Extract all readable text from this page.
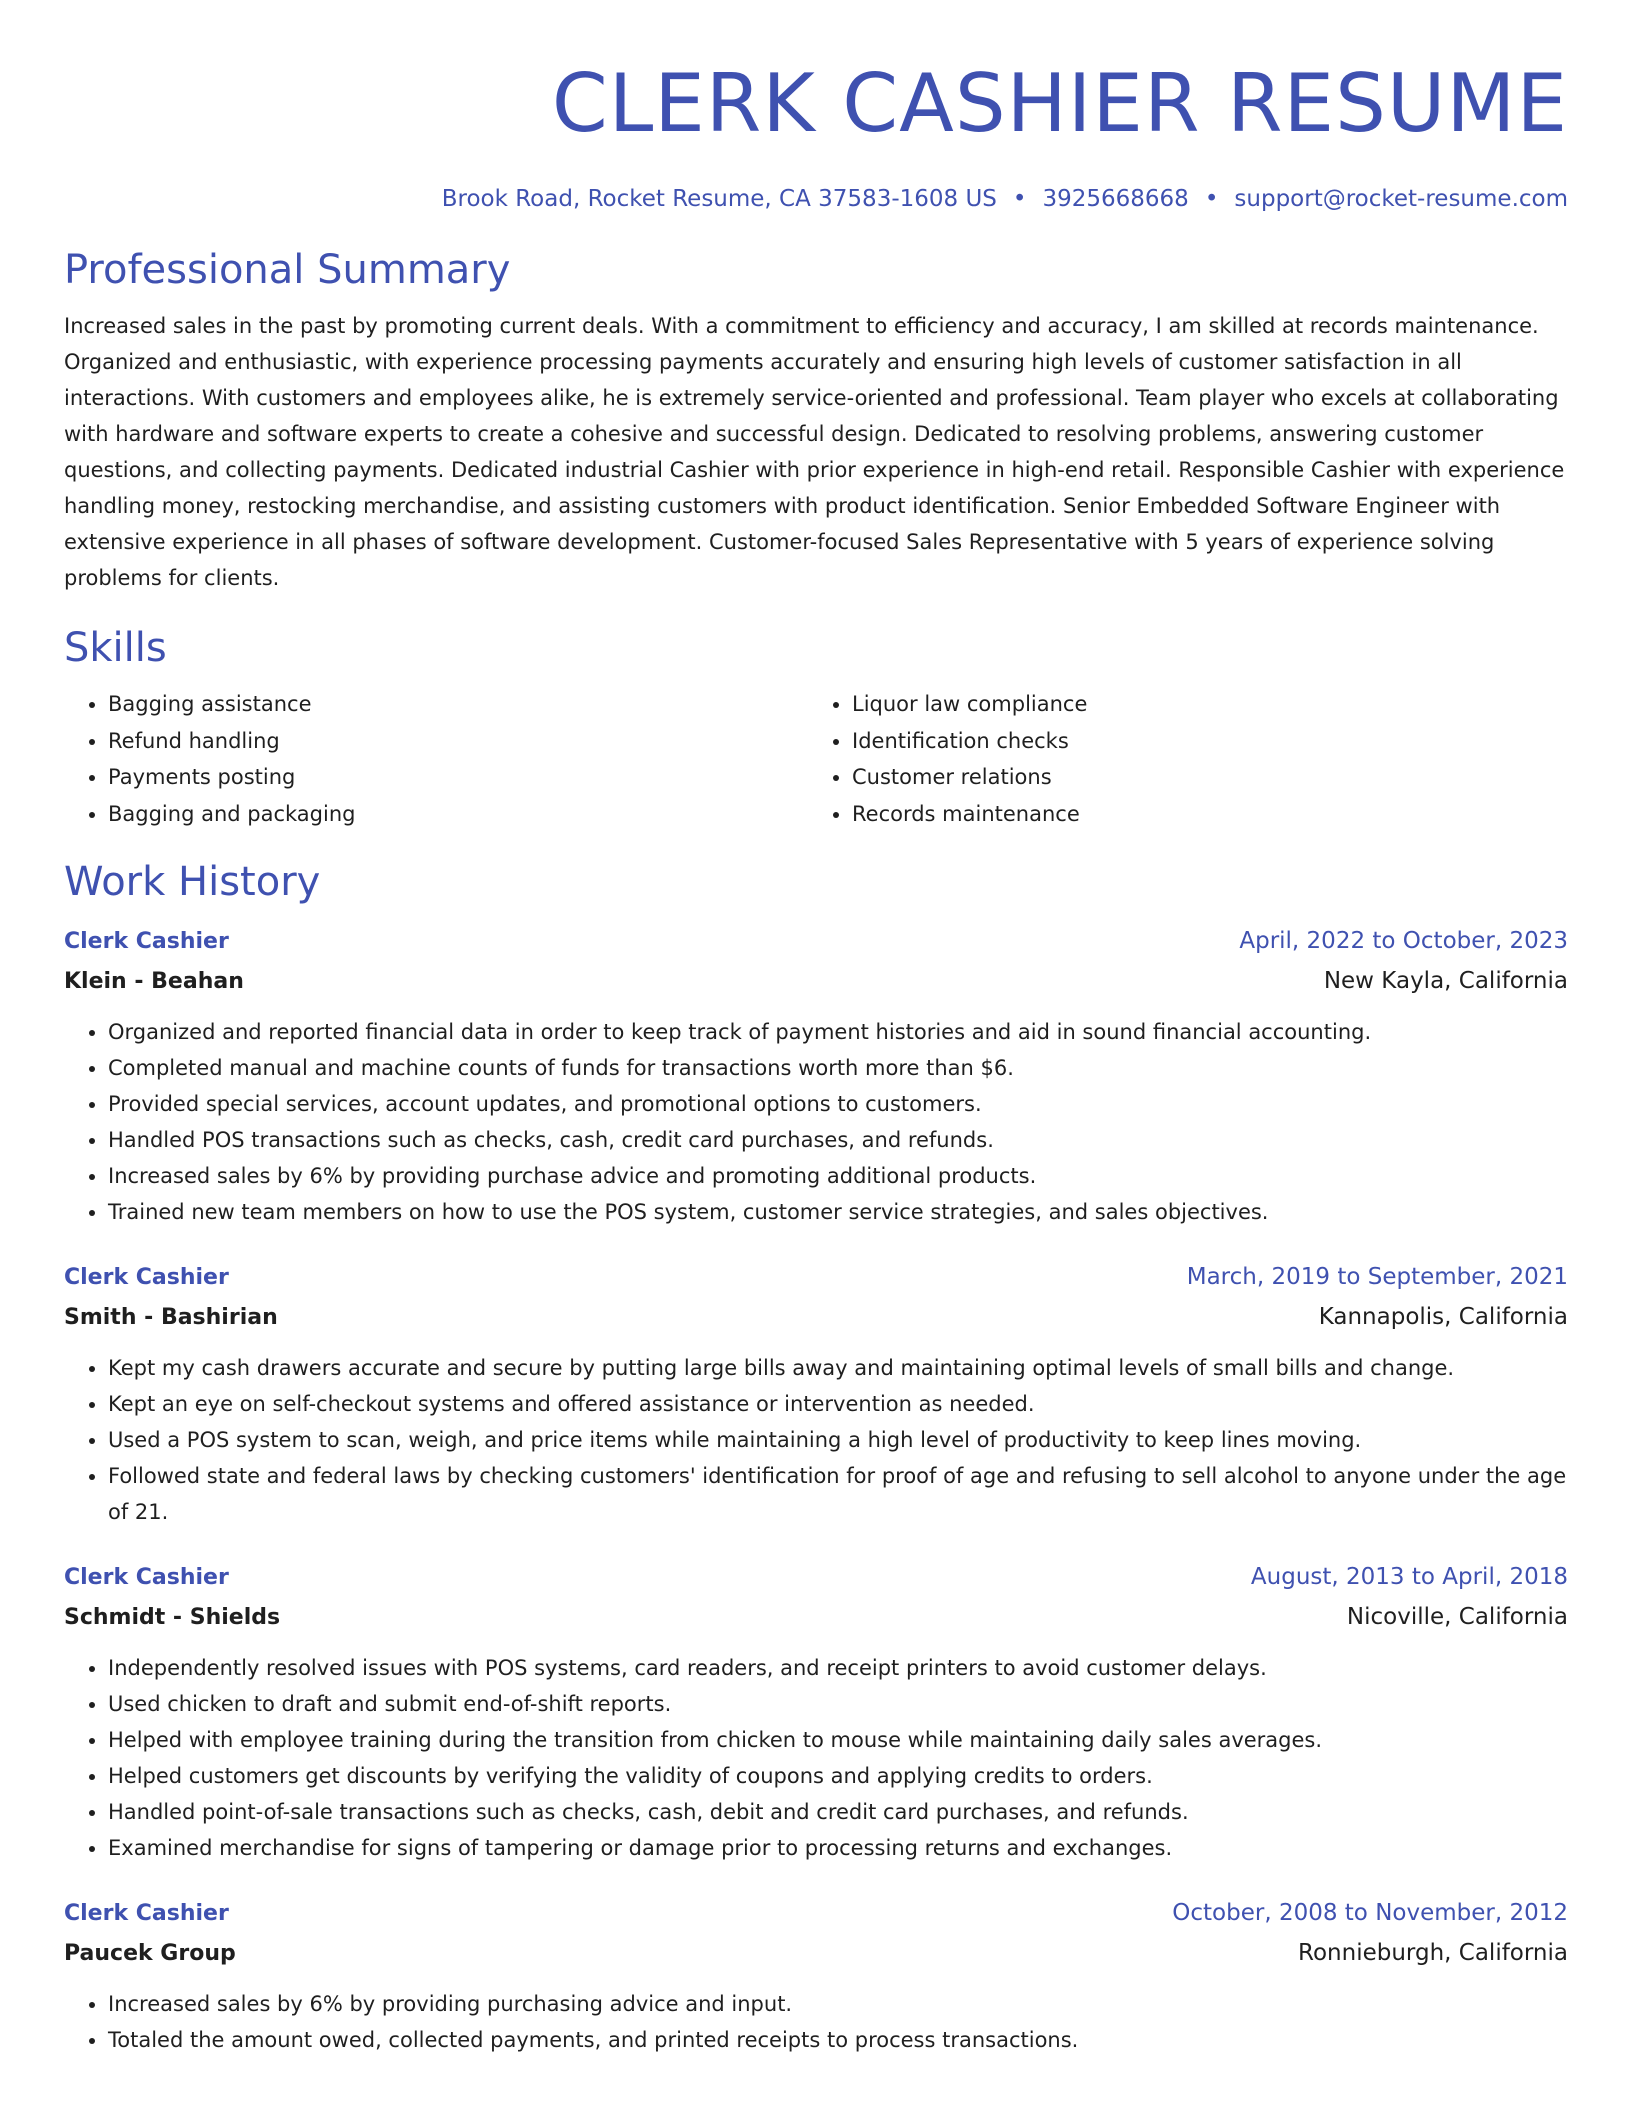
CLERK CASHIER RESUME
Brook Road, Rocket Resume, CA 37583-1608 US • 3925668668 • support@rocket-resume.com
Professional Summary
Increased sales in the past by promoting current deals. With a commitment to efficiency and accuracy, I am skilled at records maintenance. Organized and enthusiastic, with experience processing payments accurately and ensuring high levels of customer satisfaction in all interactions. With customers and employees alike, he is extremely service-oriented and professional. Team player who excels at collaborating with hardware and software experts to create a cohesive and successful design. Dedicated to resolving problems, answering customer questions, and collecting payments. Dedicated industrial Cashier with prior experience in high-end retail. Responsible Cashier with experience handling money, restocking merchandise, and assisting customers with product identification. Senior Embedded Software Engineer with extensive experience in all phases of software development. Customer-focused Sales Representative with 5 years of experience solving problems for clients.
Skills
• Bagging assistance
• Refund handling
• Payments posting
• Bagging and packaging
• Liquor law compliance
• Identification checks
• Customer relations
• Records maintenance
Work History
Clerk Cashier	April, 2022 to October, 2023
Klein - Beahan	New Kayla, California
• Organized and reported financial data in order to keep track of payment histories and aid in sound financial accounting.
• Completed manual and machine counts of funds for transactions worth more than $6.
• Provided special services, account updates, and promotional options to customers.
• Handled POS transactions such as checks, cash, credit card purchases, and refunds.
• Increased sales by 6% by providing purchase advice and promoting additional products.
• Trained new team members on how to use the POS system, customer service strategies, and sales objectives.
Clerk Cashier	March, 2019 to September, 2021
Smith - Bashirian	Kannapolis, California
• Kept my cash drawers accurate and secure by putting large bills away and maintaining optimal levels of small bills and change.
• Kept an eye on self-checkout systems and offered assistance or intervention as needed.
• Used a POS system to scan, weigh, and price items while maintaining a high level of productivity to keep lines moving.
• Followed state and federal laws by checking customers' identification for proof of age and refusing to sell alcohol to anyone under the age of 21.
Clerk Cashier	August, 2013 to April, 2018
Schmidt - Shields	Nicoville, California
• Independently resolved issues with POS systems, card readers, and receipt printers to avoid customer delays.
• Used chicken to draft and submit end-of-shift reports.
• Helped with employee training during the transition from chicken to mouse while maintaining daily sales averages.
• Helped customers get discounts by verifying the validity of coupons and applying credits to orders.
• Handled point-of-sale transactions such as checks, cash, debit and credit card purchases, and refunds.
• Examined merchandise for signs of tampering or damage prior to processing returns and exchanges.
Clerk Cashier	October, 2008 to November, 2012
Paucek Group	Ronnieburgh, California
• Increased sales by 6% by providing purchasing advice and input.
• Totaled the amount owed, collected payments, and printed receipts to process transactions.
